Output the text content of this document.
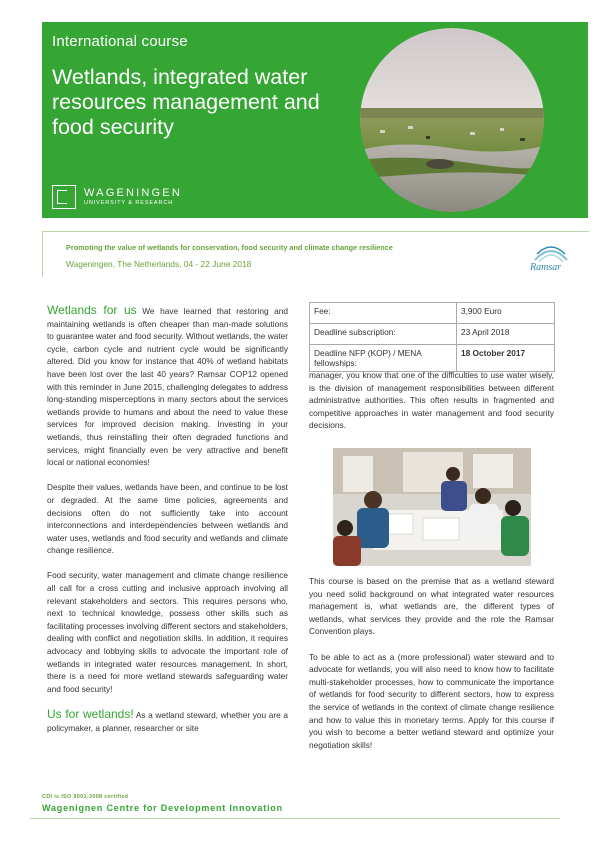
International course
Wetlands, integrated water resources management and food security
WAGENINGEN
UNIVERSITY & RESEARCH
Promoting the value of wetlands for conservation, food security and climate change resilience
Wageningen, The Netherlands, 04 - 22 June 2018	Ramsar

Wetlands for us We have learned that restoring and maintaining wetlands is often cheaper than man-made solutions to guarantee water and food security. Without wetlands, the water cycle, carbon cycle and nutrient cycle would be significantly altered. Did you know for instance that 40% of wetland habitats have been lost over the last 40 years? Ramsar COP12 opened with this reminder in June 2015, challenging delegates to address long-standing misperceptions in many sectors about the services wetlands provide to humans and about the need to value these services for improved decision making. Investing in your wetlands, thus reinstalling their often degraded functions and services, might financially even be very attractive and benefit local or national economies!

Despite their values, wetlands have been, and continue to be lost or degraded. At the same time policies, agreements and decisions often do not sufficiently take into account interconnections and interdependencies between wetlands and water uses, wetlands and food security and wetlands and climate change resilience.

Food security, water management and climate change resilience all call for a cross cutting and inclusive approach involving all relevant stakeholders and sectors. This requires persons who, next to technical knowledge, possess other skills such as facilitating processes involving different sectors and stakeholders, dealing with conflict and negotiation skills. In addition, it requires advocacy and lobbying skills to advocate the important role of wetlands in integrated water resources management. In short, there is a need for more wetland stewards safeguarding water and food security!

Us for wetlands! As a wetland steward, whether you are a policymaker, a planner, researcher or site

Fee:	3,900 Euro
Deadline subscription:	23 April 2018
Deadline NFP (KOP) / MENA fellowships:	18 October 2017

manager, you know that one of the difficulties to use water wisely, is the division of management responsibilities between different administrative authorities. This often results in fragmented and competitive approaches in water management and food security decisions.

This course is based on the premise that as a wetland steward you need solid background on what integrated water resources management is, what wetlands are, the different types of wetlands, what services they provide and the role the Ramsar Convention plays.

To be able to act as a (more professional) water steward and to advocate for wetlands, you will also need to know how to facilitate multi-stakeholder processes, how to communicate the importance of wetlands for food security to different sectors, how to express the service of wetlands in the context of climate change resilience and how to value this in monetary terms. Apply for this course if you wish to become a better wetland steward and optimize your negotiation skills!

CDI is ISO 9001-2008 certified
Wagenignen Centre for Development Innovation
